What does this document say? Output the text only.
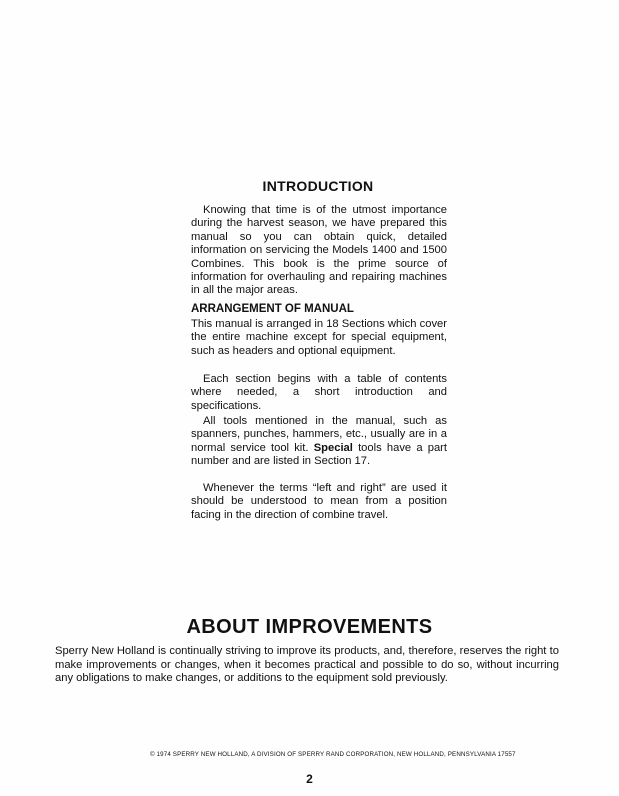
INTRODUCTION

Knowing that time is of the utmost importance during the harvest season, we have prepared this manual so you can obtain quick, detailed information on servicing the Models 1400 and 1500 Combines. This book is the prime source of information for overhauling and repairing machines in all the major areas.

ARRANGEMENT OF MANUAL

This manual is arranged in 18 Sections which cover the entire machine except for special equipment, such as headers and optional equipment.

Each section begins with a table of contents where needed, a short introduction and specifications.

All tools mentioned in the manual, such as spanners, punches, hammers, etc., usually are in a normal service tool kit. Special tools have a part number and are listed in Section 17.

Whenever the terms “left and right” are used it should be understood to mean from a position facing in the direction of combine travel.

ABOUT IMPROVEMENTS

Sperry New Holland is continually striving to improve its products, and, therefore, reserves the right to make improvements or changes, when it becomes practical and possible to do so, without incurring any obligations to make changes, or additions to the equipment sold previously.

© 1974 SPERRY NEW HOLLAND, A DIVISION OF SPERRY RAND CORPORATION, NEW HOLLAND, PENNSYLVANIA 17557

2
